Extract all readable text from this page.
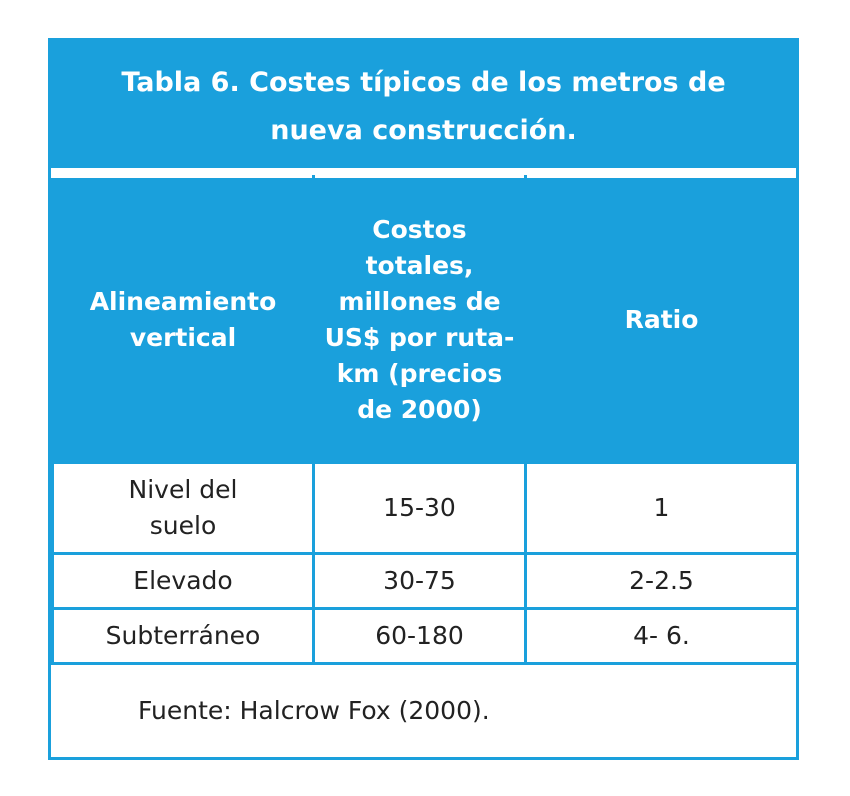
Tabla 6. Costes típicos de los metros de
nueva construcción.
Alineamiento vertical	Costos totales, millones de US$ por ruta-km (precios de 2000)	Ratio

Nivel del suelo	15-30	1
Elevado	30-75	2-2.5
Subterráneo	60-180	4- 6.
Fuente: Halcrow Fox (2000).
